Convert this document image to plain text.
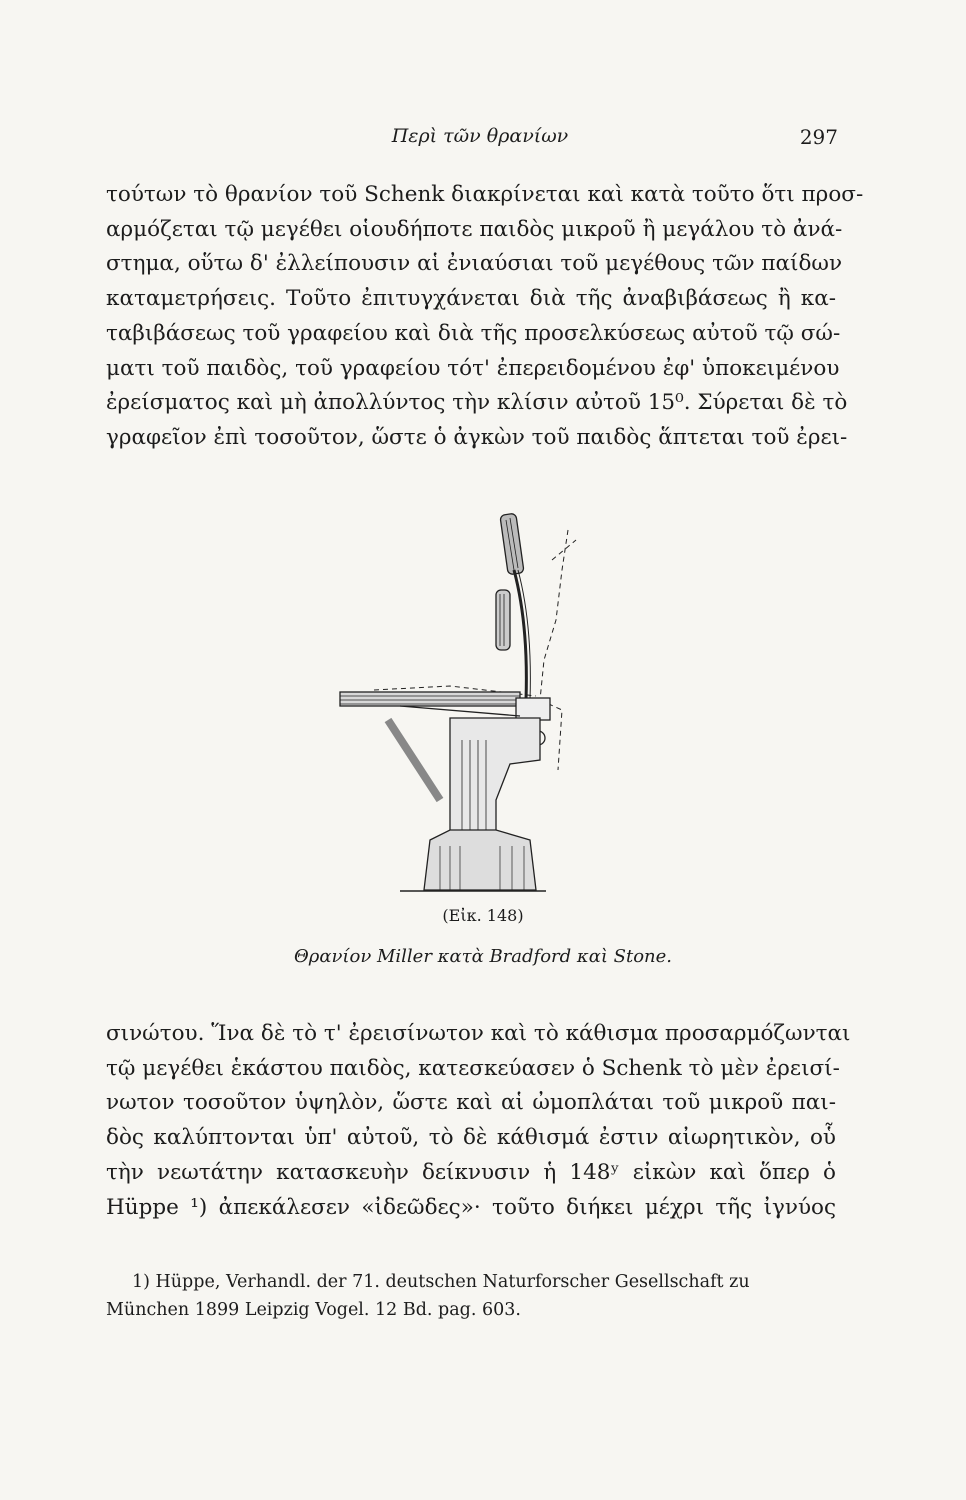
Περὶ τῶν θρανίων	297
τούτων τὸ θρανίον τοῦ Schenk διακρίνεται καὶ κατὰ τοῦτο ὅτι προσ-
αρμόζεται τῷ μεγέθει οἱουδήποτε παιδὸς μικροῦ ἢ μεγάλου τὸ ἀνά-
στημα, οὕτω δ' ἐλλείπουσιν αἱ ἐνιαύσιαι τοῦ μεγέθους τῶν παίδων
καταμετρήσεις. Τοῦτο ἐπιτυγχάνεται διὰ τῆς ἀναβιβάσεως ἢ κα-
ταβιβάσεως τοῦ γραφείου καὶ διὰ τῆς προσελκύσεως αὐτοῦ τῷ σώ-
ματι τοῦ παιδὸς, τοῦ γραφείου τότ' ἐπερειδομένου ἐφ' ὑποκειμένου
ἐρείσματος καὶ μὴ ἀπολλύντος τὴν κλίσιν αὐτοῦ 15⁰. Σύρεται δὲ τὸ
γραφεῖον ἐπὶ τοσοῦτον, ὥστε ὁ ἀγκὼν τοῦ παιδὸς ἅπτεται τοῦ ἐρει-
(Εἰκ. 148)
Θρανίον Miller κατὰ Bradford καὶ Stone.
σινώτου. Ἵνα δὲ τὸ τ' ἐρεισίνωτον καὶ τὸ κάθισμα προσαρμόζωνται
τῷ μεγέθει ἑκάστου παιδὸς, κατεσκεύασεν ὁ Schenk τὸ μὲν ἐρεισί-
νωτον τοσοῦτον ὑψηλὸν, ὥστε καὶ αἱ ὠμοπλάται τοῦ μικροῦ παι-
δὸς καλύπτονται ὑπ' αὐτοῦ, τὸ δὲ κάθισμά ἐστιν αἰωρητικὸν, οὗ
τὴν νεωτάτην κατασκευὴν δείκνυσιν ἡ 148ʸ εἰκὼν καὶ ὅπερ ὁ
Hüppe ¹) ἀπεκάλεσεν «ἰδεῶδες»· τοῦτο διήκει μέχρι τῆς ἰγνύος
1) Hüppe, Verhandl. der 71. deutschen Naturforscher Gesellschaft zu
München 1899 Leipzig Vogel. 12 Bd. pag. 603.
